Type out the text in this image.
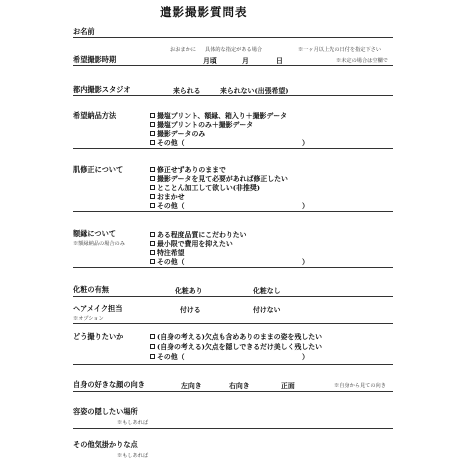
遣影撮影質問表
お名前
おおまかに 具体的な指定がある場合	※一ヶ月以上先の日付を指定下さい
希望撮影時期	月頃	月	日	※未定の場合は空欄で
都内撮影スタジオ	来られる	来られない(出張希望)
希望納品方法	撮塩プリント、額縁、箱入り＋撮影データ
撮塩プリントのみ＋撮影データ
撮影データのみ
その他（	）
肌修正について	修正せずありのままで
撮影データを見て必要があれば修正したい
とことん加工して欲しい(非推奨)
おまかせ
その他（	）
額縁について
※額縁納品の場合のみ
ある程度品質にこだわりたい
最小限で費用を抑えたい
特注希望
その他（	）
化粧の有無	化粧あり	化粧なし
ヘアメイク担当
※オプション
付ける	付けない
どう撮りたいか	(自身の考える)欠点も含めありのままの姿を残したい
(自身の考える)欠点を隠しできるだけ美しく残したい
その他（	）
自身の好きな顔の向き	左向き	右向き	正面	※自身から見ての向き
容姿の隠したい場所
※もしあれば
その他気掛かりな点
※もしあれば
